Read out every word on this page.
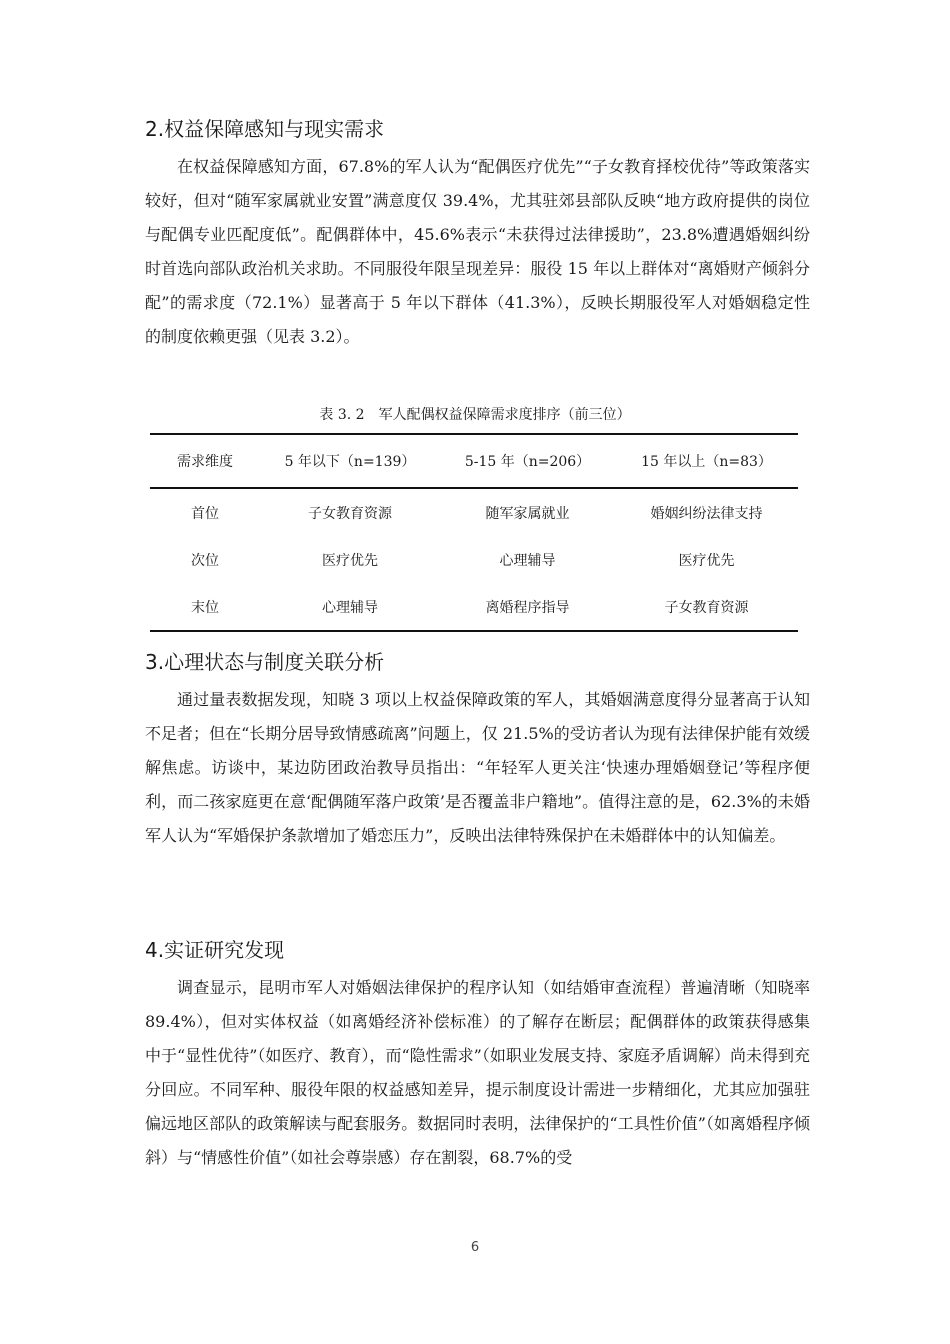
2.权益保障感知与现实需求

在权益保障感知方面，67.8%的军人认为“配偶医疗优先”“子女教育择校优待”等政策落实较好，但对“随军家属就业安置”满意度仅 39.4%，尤其驻郊县部队反映“地方政府提供的岗位与配偶专业匹配度低”。配偶群体中，45.6%表示“未获得过法律援助”，23.8%遭遇婚姻纠纷时首选向部队政治机关求助。不同服役年限呈现差异：服役 15 年以上群体对“离婚财产倾斜分配”的需求度（72.1%）显著高于 5 年以下群体（41.3%），反映长期服役军人对婚姻稳定性的制度依赖更强（见表 3.2）。

表 3. 2　军人配偶权益保障需求度排序（前三位）
需求维度	5 年以下（n=139）	5-15 年（n=206）	15 年以上（n=83）
首位	子女教育资源	随军家属就业	婚姻纠纷法律支持
次位	医疗优先	心理辅导	医疗优先
末位	心理辅导	离婚程序指导	子女教育资源
3.心理状态与制度关联分析

通过量表数据发现，知晓 3 项以上权益保障政策的军人，其婚姻满意度得分显著高于认知不足者；但在“长期分居导致情感疏离”问题上，仅 21.5%的受访者认为现有法律保护能有效缓解焦虑。访谈中，某边防团政治教导员指出：“年轻军人更关注‘快速办理婚姻登记’等程序便利，而二孩家庭更在意‘配偶随军落户政策’是否覆盖非户籍地”。值得注意的是，62.3%的未婚军人认为“军婚保护条款增加了婚恋压力”，反映出法律特殊保护在未婚群体中的认知偏差。

4.实证研究发现

调查显示，昆明市军人对婚姻法律保护的程序认知（如结婚审查流程）普遍清晰（知晓率 89.4%），但对实体权益（如离婚经济补偿标准）的了解存在断层；配偶群体的政策获得感集中于“显性优待”（如医疗、教育），而“隐性需求”（如职业发展支持、家庭矛盾调解）尚未得到充分回应。不同军种、服役年限的权益感知差异，提示制度设计需进一步精细化，尤其应加强驻偏远地区部队的政策解读与配套服务。数据同时表明，法律保护的“工具性价值”（如离婚程序倾斜）与“情感性价值”（如社会尊崇感）存在割裂，68.7%的受

6
